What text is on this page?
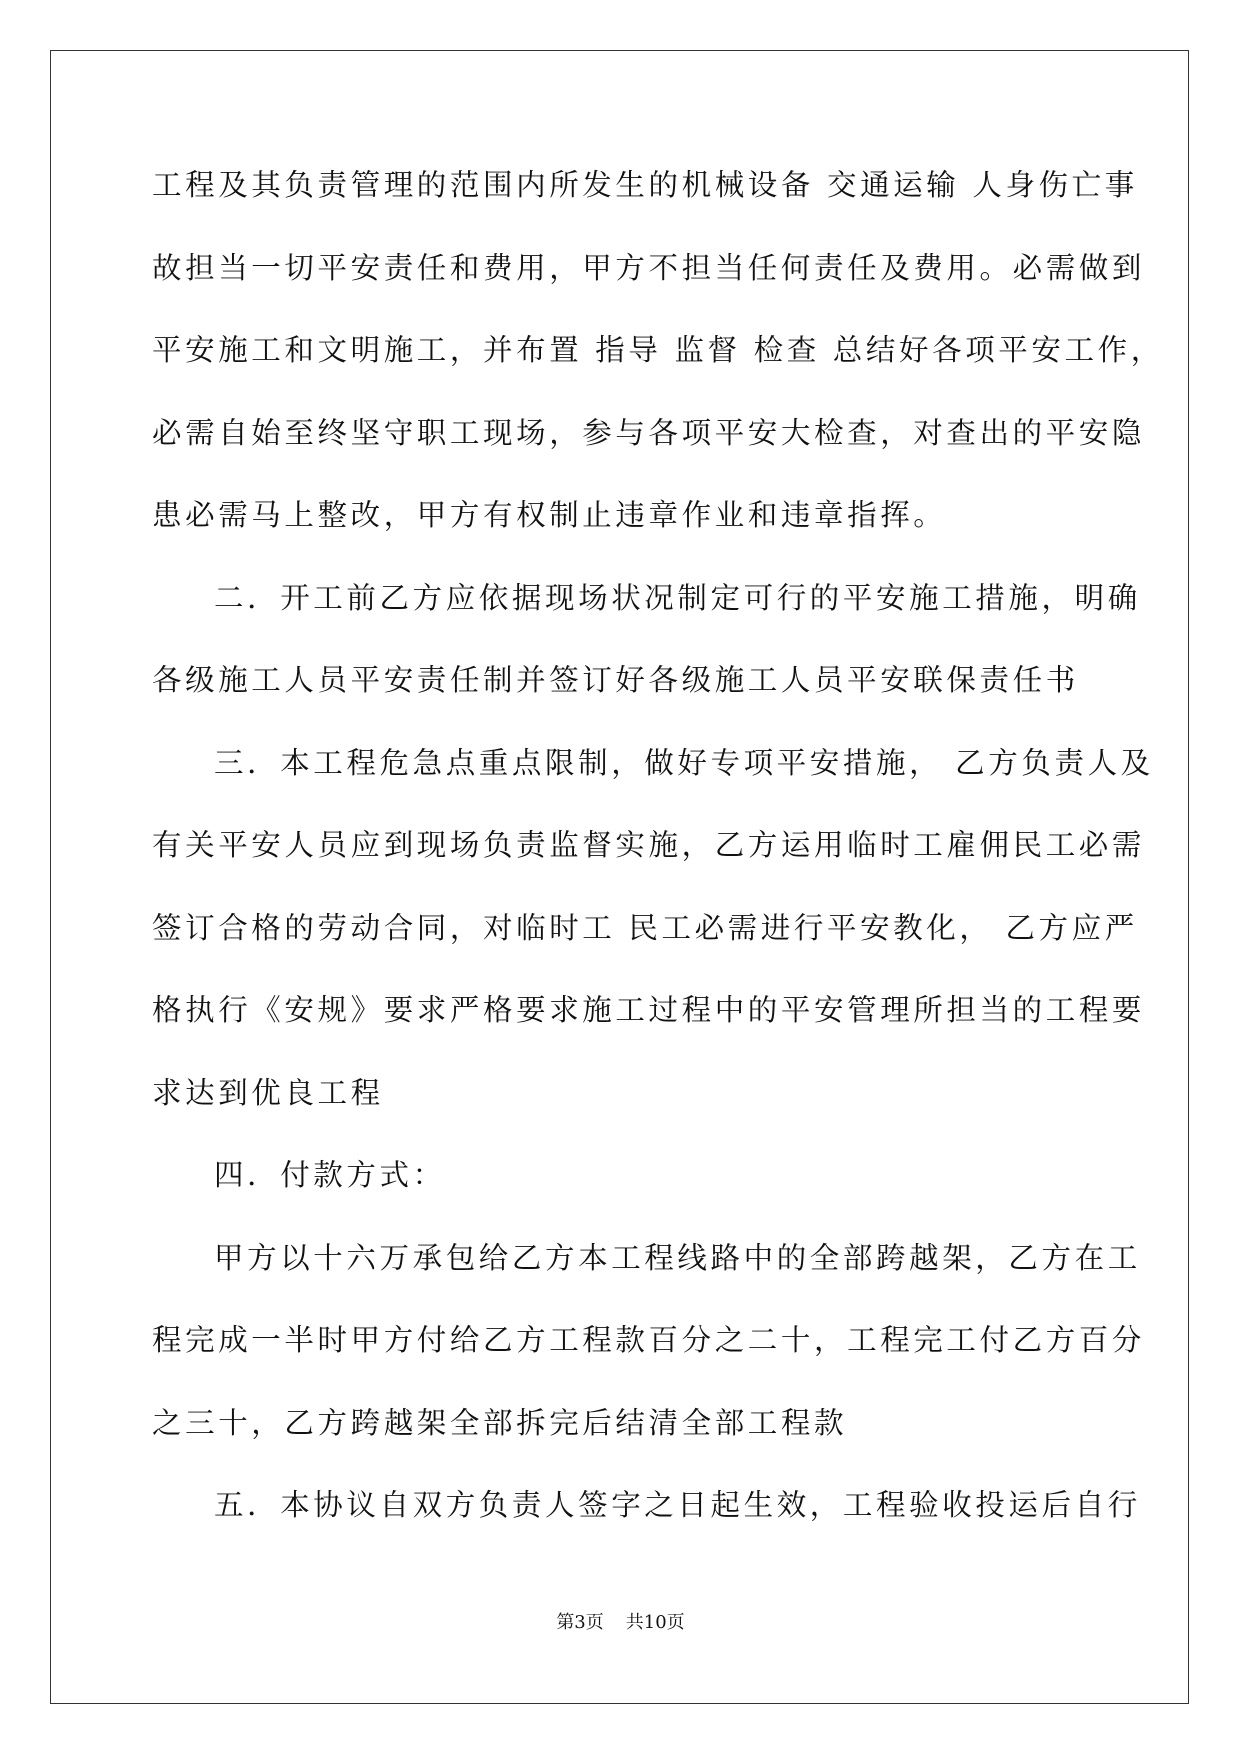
工程及其负责管理的范围内所发生的机械设备 交通运输 人身伤亡事
故担当一切平安责任和费用，甲方不担当任何责任及费用。必需做到
平安施工和文明施工，并布置 指导 监督 检查 总结好各项平安工作，
必需自始至终坚守职工现场，参与各项平安大检查，对查出的平安隐
患必需马上整改，甲方有权制止违章作业和违章指挥。
二．开工前乙方应依据现场状况制定可行的平安施工措施，明确
各级施工人员平安责任制并签订好各级施工人员平安联保责任书
三．本工程危急点重点限制，做好专项平安措施， 乙方负责人及
有关平安人员应到现场负责监督实施，乙方运用临时工雇佣民工必需
签订合格的劳动合同，对临时工 民工必需进行平安教化， 乙方应严
格执行《安规》要求严格要求施工过程中的平安管理所担当的工程要
求达到优良工程
四．付款方式：
甲方以十六万承包给乙方本工程线路中的全部跨越架，乙方在工
程完成一半时甲方付给乙方工程款百分之二十，工程完工付乙方百分
之三十，乙方跨越架全部拆完后结清全部工程款
五．本协议自双方负责人签字之日起生效，工程验收投运后自行
第3页 共10页
